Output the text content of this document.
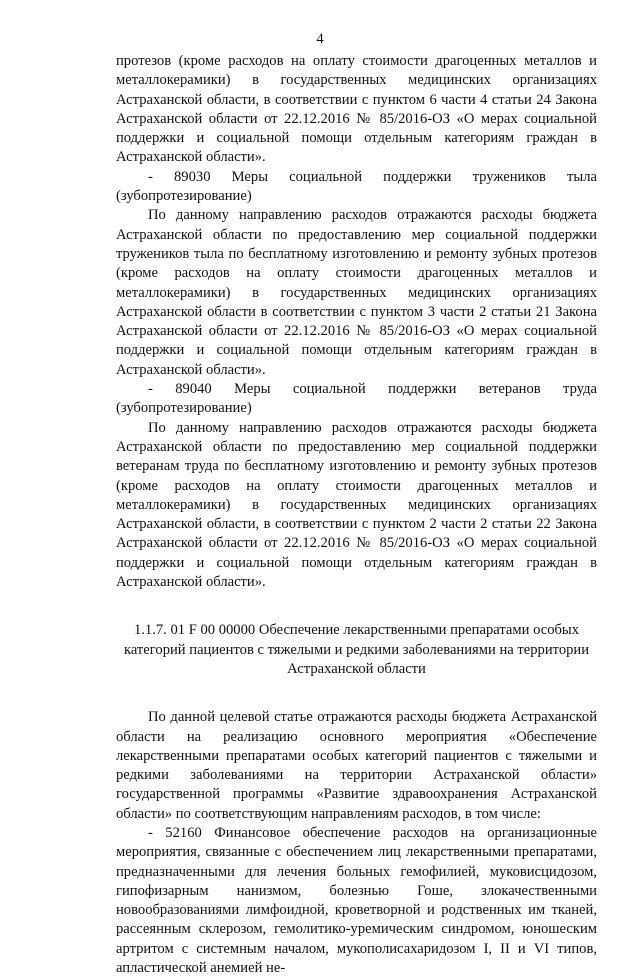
4

протезов (кроме расходов на оплату стоимости драгоценных металлов и металлокерамики) в государственных медицинских организациях Астраханской области, в соответствии с пунктом 6 части 4 статьи 24 Закона Астраханской области от 22.12.2016 № 85/2016-ОЗ «О мерах социальной поддержки и социальной помощи отдельным категориям граждан в Астраханской области».

- 89030 Меры социальной поддержки тружеников тыла (зубопротезирование)

По данному направлению расходов отражаются расходы бюджета Астраханской области по предоставлению мер социальной поддержки тружеников тыла по бесплатному изготовлению и ремонту зубных протезов (кроме расходов на оплату стоимости драгоценных металлов и металлокерамики) в государственных медицинских организациях Астраханской области в соответствии с пунктом 3 части 2 статьи 21 Закона Астраханской области от 22.12.2016 № 85/2016-ОЗ «О мерах социальной поддержки и социальной помощи отдельным категориям граждан в Астраханской области».

- 89040 Меры социальной поддержки ветеранов труда (зубопротезирование)

По данному направлению расходов отражаются расходы бюджета Астраханской области по предоставлению мер социальной поддержки ветеранам труда по бесплатному изготовлению и ремонту зубных протезов (кроме расходов на оплату стоимости драгоценных металлов и металлокерамики) в государственных медицинских организациях Астраханской области, в соответствии с пунктом 2 части 2 статьи 22 Закона Астраханской области от 22.12.2016 № 85/2016-ОЗ «О мерах социальной поддержки и социальной помощи отдельным категориям граждан в Астраханской области».

1.1.7. 01 F 00 00000 Обеспечение лекарственными препаратами особых категорий пациентов с тяжелыми и редкими заболеваниями на территории Астраханской области

По данной целевой статье отражаются расходы бюджета Астраханской области на реализацию основного мероприятия «Обеспечение лекарственными препаратами особых категорий пациентов с тяжелыми и редкими заболеваниями на территории Астраханской области» государственной программы «Развитие здравоохранения Астраханской области» по соответствующим направлениям расходов, в том числе:

- 52160 Финансовое обеспечение расходов на организационные мероприятия, связанные с обеспечением лиц лекарственными препаратами, предназначенными для лечения больных гемофилией, муковисцидозом, гипофизарным нанизмом, болезнью Гоше, злокачественными новообразованиями лимфоидной, кроветворной и родственных им тканей, рассеянным склерозом, гемолитико-уремическим синдромом, юношеским артритом с системным началом, мукополисахаридозом I, II и VI типов, апластической анемией не-
